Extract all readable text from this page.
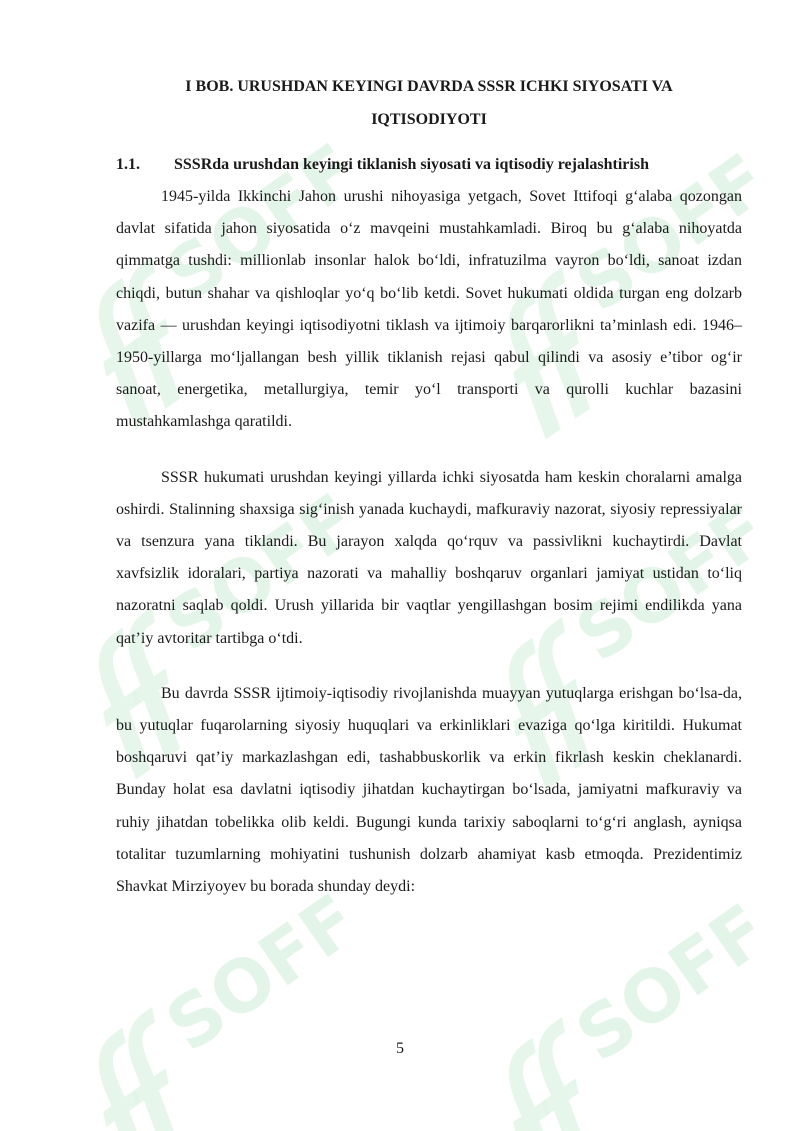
SOFF
I BOB. URUSHDAN KEYINGI DAVRDA SSSR ICHKI SIYOSATI VA
IQTISODIYOTI
1.1.	SSSRda urushdan keyingi tiklanish siyosati va iqtisodiy rejalashtirish

1945-yilda Ikkinchi Jahon urushi nihoyasiga yetgach, Sovet Ittifoqi g‘alaba qozongan davlat sifatida jahon siyosatida o‘z mavqeini mustahkamladi. Biroq bu g‘alaba nihoyatda qimmatga tushdi: millionlab insonlar halok bo‘ldi, infratuzilma vayron bo‘ldi, sanoat izdan chiqdi, butun shahar va qishloqlar yo‘q bo‘lib ketdi. Sovet hukumati oldida turgan eng dolzarb vazifa — urushdan keyingi iqtisodiyotni tiklash va ijtimoiy barqarorlikni ta’minlash edi. 1946–1950-yillarga mo‘ljallangan besh yillik tiklanish rejasi qabul qilindi va asosiy e’tibor og‘ir sanoat, energetika, metallurgiya, temir yo‘l transporti va qurolli kuchlar bazasini mustahkamlashga qaratildi.

SSSR hukumati urushdan keyingi yillarda ichki siyosatda ham keskin choralarni amalga oshirdi. Stalinning shaxsiga sig‘inish yanada kuchaydi, mafkuraviy nazorat, siyosiy repressiyalar va tsenzura yana tiklandi. Bu jarayon xalqda qo‘rquv va passivlikni kuchaytirdi. Davlat xavfsizlik idoralari, partiya nazorati va mahalliy boshqaruv organlari jamiyat ustidan to‘liq nazoratni saqlab qoldi. Urush yillarida bir vaqtlar yengillashgan bosim rejimi endilikda yana qat’iy avtoritar tartibga o‘tdi.

Bu davrda SSSR ijtimoiy-iqtisodiy rivojlanishda muayyan yutuqlarga erishgan bo‘lsa-da, bu yutuqlar fuqarolarning siyosiy huquqlari va erkinliklari evaziga qo‘lga kiritildi. Hukumat boshqaruvi qat’iy markazlashgan edi, tashabbuskorlik va erkin fikrlash keskin cheklanardi. Bunday holat esa davlatni iqtisodiy jihatdan kuchaytirgan bo‘lsada, jamiyatni mafkuraviy va ruhiy jihatdan tobelikka olib keldi. Bugungi kunda tarixiy saboqlarni to‘g‘ri anglash, ayniqsa totalitar tuzumlarning mohiyatini tushunish dolzarb ahamiyat kasb etmoqda. Prezidentimiz Shavkat Mirziyoyev bu borada shunday deydi:

5
